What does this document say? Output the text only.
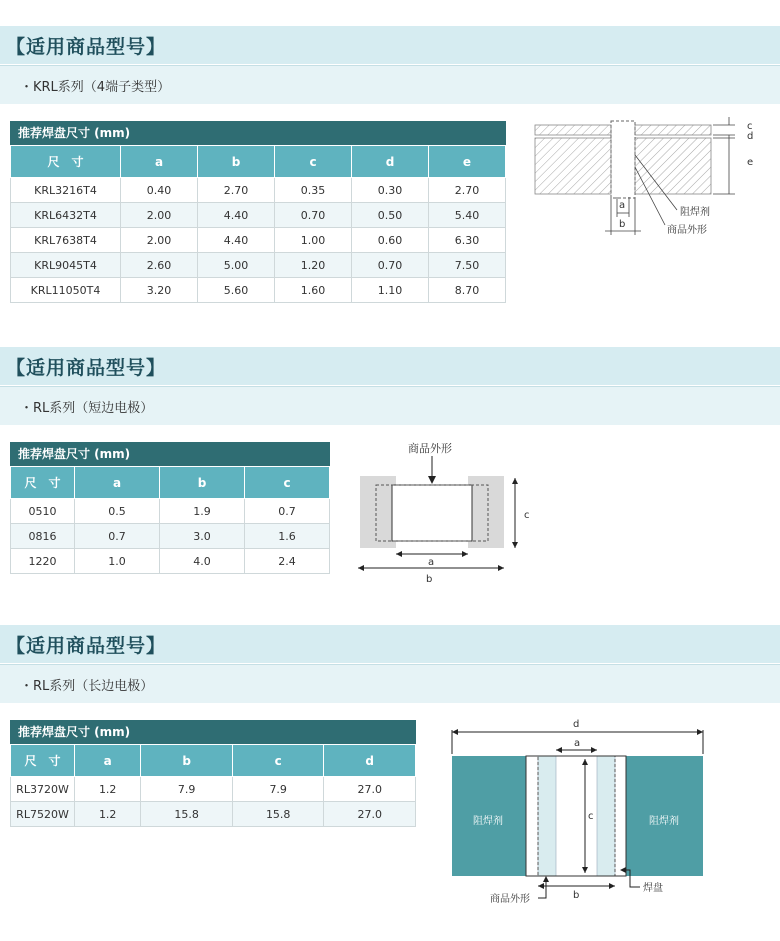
【适用商品型号】
・KRL系列（4端子类型）
推荐焊盘尺寸 (mm)
尺　寸	a	b	c	d	e
KRL3216T4	0.40	2.70	0.35	0.30	2.70
KRL6432T4	2.00	4.40	0.70	0.50	5.40
KRL7638T4	2.00	4.40	1.00	0.60	6.30
KRL9045T4	2.60	5.00	1.20	0.70	7.50
KRL11050T4	3.20	5.60	1.60	1.10	8.70
c
d
e
a
b
阻焊剂
商品外形
【适用商品型号】
・RL系列（短边电极）
推荐焊盘尺寸 (mm)
尺　寸	a	b	c
0510	0.5	1.9	0.7
0816	0.7	3.0	1.6
1220	1.0	4.0	2.4
商品外形
a
b
c
【适用商品型号】
・RL系列（长边电极）
推荐焊盘尺寸 (mm)
尺　寸	a	b	c	d
RL3720W	1.2	7.9	7.9	27.0
RL7520W	1.2	15.8	15.8	27.0
d
阻焊剂	阻焊剂
a
c
b
焊盘
商品外形
